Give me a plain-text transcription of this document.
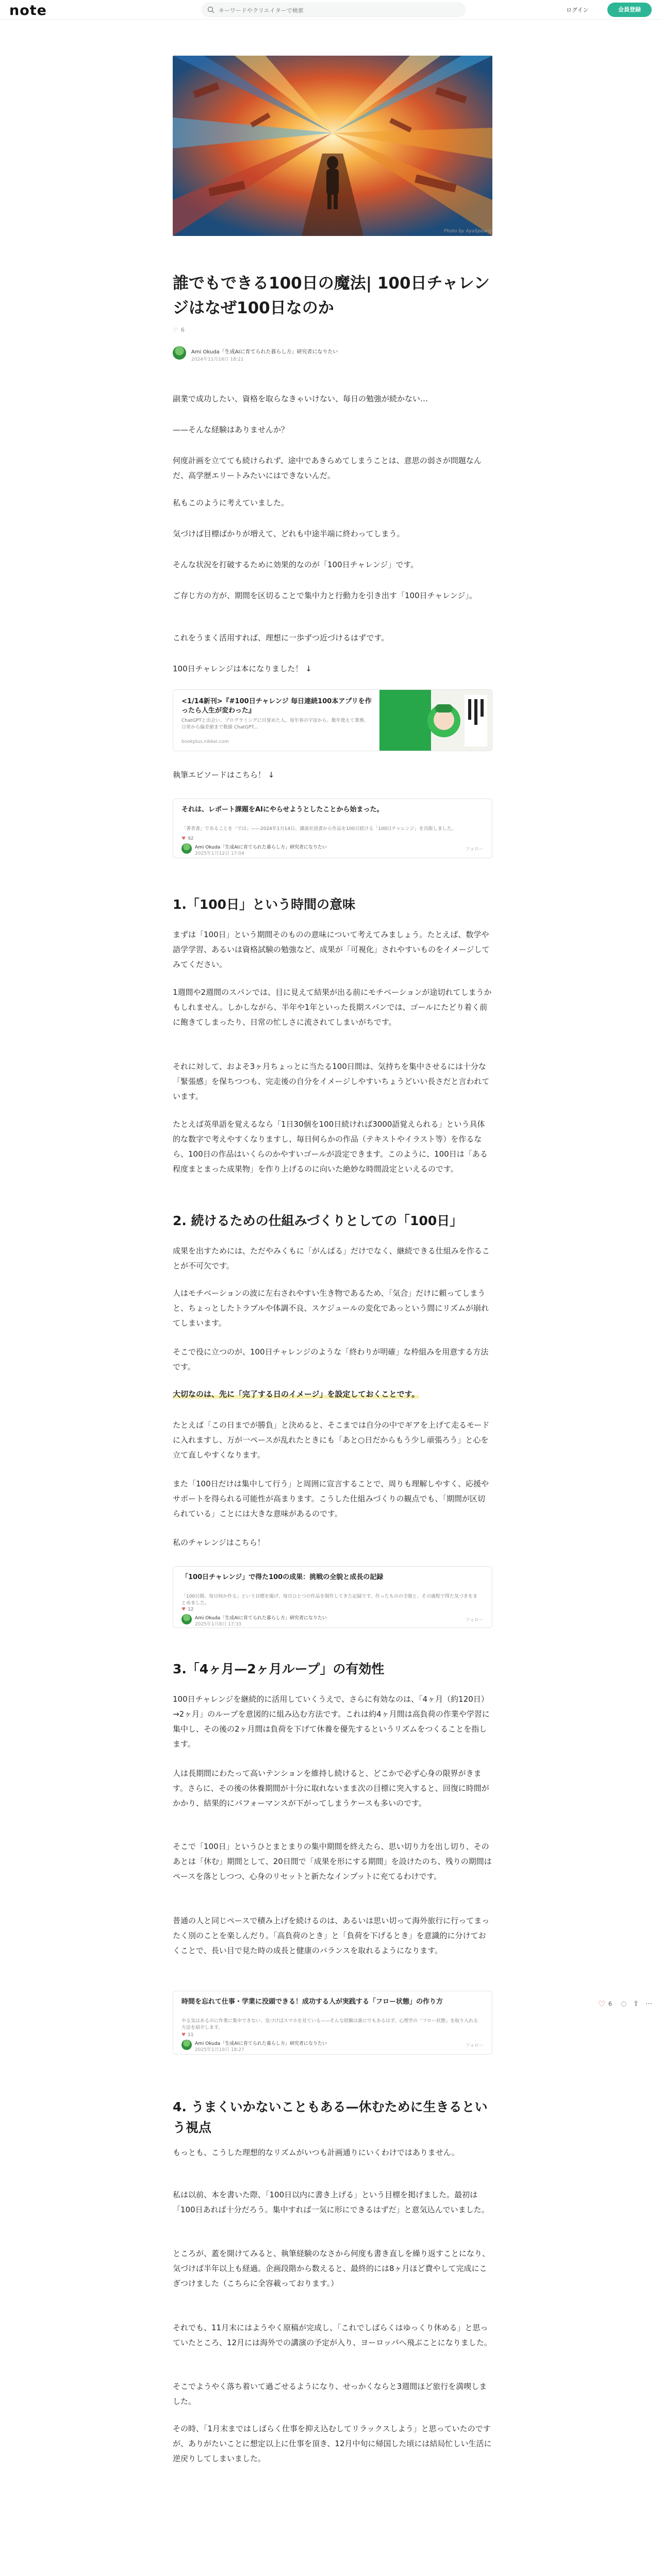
note
キーワードやクリエイターで検索	ログイン	会員登録
Photo by AyaSpearfy
誰でもできる100日の魔法| 100日チャレンジはなぜ100日なのか
♡ 6
Ami Okuda「生成AIに育てられた暮らし方」研究者になりたい
2024年11月16日 18:21

副業で成功したい、資格を取らなきゃいけない、毎日の勉強が続かない…

——そんな経験はありませんか？

何度計画を立てても続けられず、途中であきらめてしまうことは、意思の弱さが問題なんだ、高学歴エリートみたいにはできないんだ。

私もこのように考えていました。

気づけば目標ばかりが増えて、どれも中途半端に終わってしまう。

そんな状況を打破するために効果的なのが「100日チャレンジ」です。

ご存じ方の方が、期間を区切ることで集中力と行動力を引き出す「100日チャレンジ」。

これをうまく活用すれば、理想に一歩ずつ近づけるはずです。

100日チャレンジは本になりました！ ↓

<1/14新刊>『#100日チャレンジ 毎日連続100本アプリを作ったら人生が変わった』
ChatGPTと出会い、プログラミングに目覚めた人。毎年春の宇宙から、数年使えて業務、日常から偏差値まで数値 ChatGPT...
bookplus.nikkei.com

執筆エピソードはこちら！ ↓

それは、レポート課題をAIにやらせようとしたことから始まった。
「著者書」であることを「では」——2024年1月14日、講談社図書から作品を100日続ける「100日チャレンジ」を出版しました。
♥ 92
Ami Okuda「生成AIに育てられた暮らし方」研究者になりたい
2025年1月12日 17:04
フォロー
1.「100日」という時間の意味

まずは「100日」という期間そのものの意味について考えてみましょう。たとえば、数学や語学学習、あるいは資格試験の勉強など、成果が「可視化」されやすいものをイメージしてみてください。

1週間や2週間のスパンでは、目に見えて結果が出る前にモチベーションが途切れてしまうかもしれません。しかしながら、半年や1年といった長期スパンでは、ゴールにたどり着く前に飽きてしまったり、日常の忙しさに流されてしまいがちです。

それに対して、およそ3ヶ月ちょっとに当たる100日間は、気持ちを集中させるには十分な「緊張感」を保ちつつも、完走後の自分をイメージしやすいちょうどいい長さだと言われています。

たとえば英単語を覚えるなら「1日30個を100日続ければ3000語覚えられる」という具体的な数字で考えやすくなりますし、毎日何らかの作品（テキストやイラスト等）を作るなら、100日の作品はいくらのかやすいゴールが設定できます。このように、100日は「ある程度まとまった成果物」を作り上げるのに向いた絶妙な時間設定といえるのです。

2. 続けるための仕組みづくりとしての「100日」

成果を出すためには、ただやみくもに「がんばる」だけでなく、継続できる仕組みを作ることが不可欠です。

人はモチベーションの波に左右されやすい生き物であるため、「気合」だけに頼ってしまうと、ちょっとしたトラブルや体調不良、スケジュールの変化であっという間にリズムが崩れてしまいます。

そこで役に立つのが、100日チャレンジのような「終わりが明確」な枠組みを用意する方法です。

大切なのは、先に「完了する日のイメージ」を設定しておくことです。

たとえば「この日までが勝負」と決めると、そこまでは自分の中でギアを上げて走るモードに入れますし、万が一ペースが乱れたときにも「あと○日だからもう少し頑張ろう」と心を立て直しやすくなります。

また「100日だけは集中して行う」と周囲に宣言することで、周りも理解しやすく、応援やサポートを得られる可能性が高まります。こうした仕組みづくりの観点でも、「期間が区切られている」ことには大きな意味があるのです。

私のチャレンジはこちら！

「100日チャレンジ」で得た100の成果：挑戦の全貌と成長の記録
「100日間、毎日何か作る」という目標を掲げ、毎日ひとつの作品を制作してきた記録です。作ったものの全貌と、その過程で得た気づきをまとめました。
♥ 12
Ami Okuda「生成AIに育てられた暮らし方」研究者になりたい
2025年1月8日 17:33
フォロー
3.「4ヶ月—2ヶ月ループ」の有効性

100日チャレンジを継続的に活用していくうえで、さらに有効なのは、「4ヶ月（約120日）→2ヶ月」のループを意図的に組み込む方法です。これは約4ヶ月間は高負荷の作業や学習に集中し、その後の2ヶ月間は負荷を下げて休養を優先するというリズムをつくることを指します。

人は長期間にわたって高いテンションを維持し続けると、どこかで必ず心身の限界がきます。さらに、その後の休養期間が十分に取れないまま次の目標に突入すると、回復に時間がかかり、結果的にパフォーマンスが下がってしまうケースも多いのです。

そこで「100日」というひとまとまりの集中期間を終えたら、思い切り力を出し切り、そのあとは「休む」期間として、20日間で「成果を形にする期間」を設けたのち、残りの期間はペースを落としつつ、心身のリセットと新たなインプットに充てるわけです。

普通の人と同じペースで積み上げを続けるのは、あるいは思い切って海外旅行に行ってまったく別のことを楽しんだり。「高負荷のとき」と「負荷を下げるとき」を意識的に分けておくことで、長い目で見た時の成長と健康のバランスを取れるようになります。

時間を忘れて仕事・学業に没頭できる！成功する人が実践する「フロー状態」の作り方
やる気はあるのに作業に集中できない、気づけばスマホを見ている——そんな経験は誰にでもあるはず。心理学の「フロー状態」を取り入れる方法を紹介します。
♥ 11
Ami Okuda「生成AIに育てられた暮らし方」研究者になりたい
2025年1月10日 18:27
フォロー
4. うまくいかないこともある—休むために生きるという視点

もっとも、こうした理想的なリズムがいつも計画通りにいくわけではありません。

私は以前、本を書いた際、「100日以内に書き上げる」という目標を掲げました。最初は「100日あれば十分だろう。集中すれば一気に形にできるはずだ」と意気込んでいました。

ところが、蓋を開けてみると、執筆経験のなさから何度も書き直しを繰り返すことになり、気づけば半年以上も経過。企画段階から数えると、最終的には8ヶ月ほど費やして完成にこぎつけました（こちらに全容載っております。）

それでも、11月末にはようやく原稿が完成し、「これでしばらくはゆっくり休める」と思っていたところ、12月には海外での講演の予定が入り、ヨーロッパへ飛ぶことになりました。

そこでようやく落ち着いて過ごせるようになり、せっかくならと3週間ほど旅行を満喫しました。

その時、「1月末まではしばらく仕事を抑え込むしてリラックスしよう」と思っていたのですが、ありがたいことに想定以上に仕事を頂き、12月中旬に帰国した頃には結局忙しい生活に逆戻りしてしまいました。

♡ 6 ◌ ⇪ ⋯
